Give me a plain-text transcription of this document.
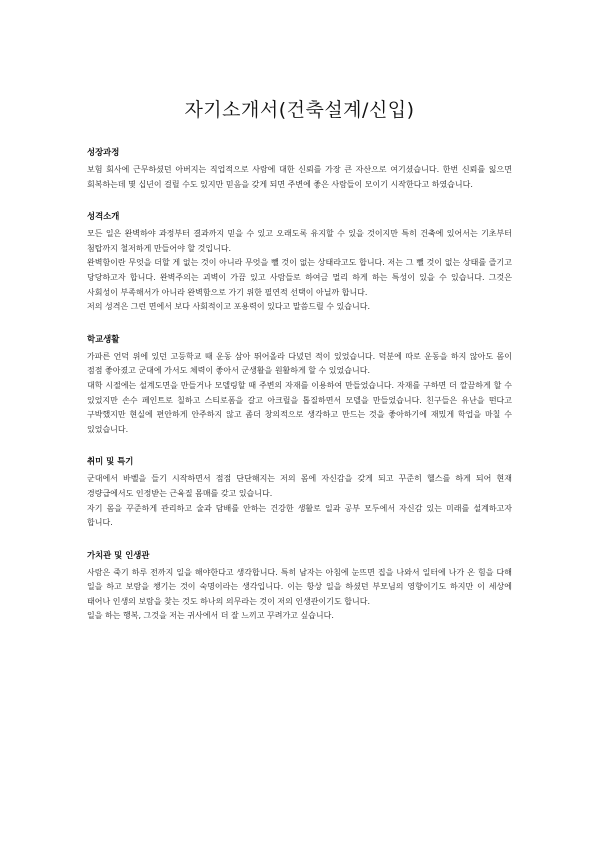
자기소개서(건축설계/신입)
성장과정

보험 회사에 근무하셨던 아버지는 직업적으로 사람에 대한 신뢰를 가장 큰 자산으로 여기셨습니다. 한번 신뢰를 잃으면 회복하는데 몇 십년이 걸릴 수도 있지만 믿음을 갖게 되면 주변에 좋은 사람들이 모이기 시작한다고 하였습니다.

성격소개

모든 일은 완벽하야 과정부터 결과까지 믿을 수 있고 오래도록 유지할 수 있을 것이지만 특히 건축에 있어서는 기초부터 첨탑까지 철저하게 만들어야 할 것입니다.

완벽함이란 무엇을 더할 게 없는 것이 아니라 무엇을 뺄 것이 없는 상태라고도 합니다. 저는 그 뺄 것이 없는 상태를 즐기고 당당하고자 합니다. 완벽주의는 괴벽이 가끔 있고 사람들로 하여금 멀리 하게 하는 특성이 있을 수 있습니다. 그것은 사회성이 부족해서가 아니라 완벽함으로 가기 위한 필연적 선택이 아닐까 합니다.

저의 성격은 그런 면에서 보다 사회적이고 포용력이 있다고 말씀드릴 수 있습니다.

학교생활

가파른 언덕 위에 있던 고등학교 때 운동 삼아 뛰어올라 다녔던 적이 있었습니다. 덕분에 따로 운동을 하지 않아도 몸이 점점 좋아졌고 군대에 가서도 체력이 좋아서 군생활을 원활하게 할 수 있었습니다.

대학 시절에는 설계도면을 만들거나 모델링할 때 주변의 자재를 이용하여 만들었습니다. 자재를 구하면 더 깔끔하게 할 수 있었지만 손수 페인트로 칠하고 스티로폼을 갈고 아크릴을 톱질하면서 모델을 만들었습니다. 친구들은 유난을 떤다고 구박했지만 현실에 편안하게 안주하지 않고 좀더 창의적으로 생각하고 만드는 것을 좋아하기에 재밌게 학업을 마칠 수 있었습니다.

취미 및 특기

군대에서 바벨을 들기 시작하면서 점점 단단해지는 저의 몸에 자신감을 갖게 되고 꾸준히 헬스를 하게 되어 현재 경량급에서도 인정받는 근육질 몸매를 갖고 있습니다.

자기 몸을 꾸준하게 관리하고 술과 담배를 안하는 건강한 생활로 일과 공부 모두에서 자신감 있는 미래를 설계하고자 합니다.

가치관 및 인생관

사람은 죽기 하루 전까지 일을 해야한다고 생각합니다. 특히 남자는 아침에 눈뜨면 집을 나와서 일터에 나가 온 힘을 다해 일을 하고 보람을 챙기는 것이 숙명이라는 생각입니다. 이는 항상 일을 하셨던 부모님의 영향이기도 하지만 이 세상에 태어나 인생의 보람을 찾는 것도 하나의 의무라는 것이 저의 인생관이기도 합니다.

일을 하는 행복, 그것을 저는 귀사에서 더 잘 느끼고 꾸려가고 싶습니다.
